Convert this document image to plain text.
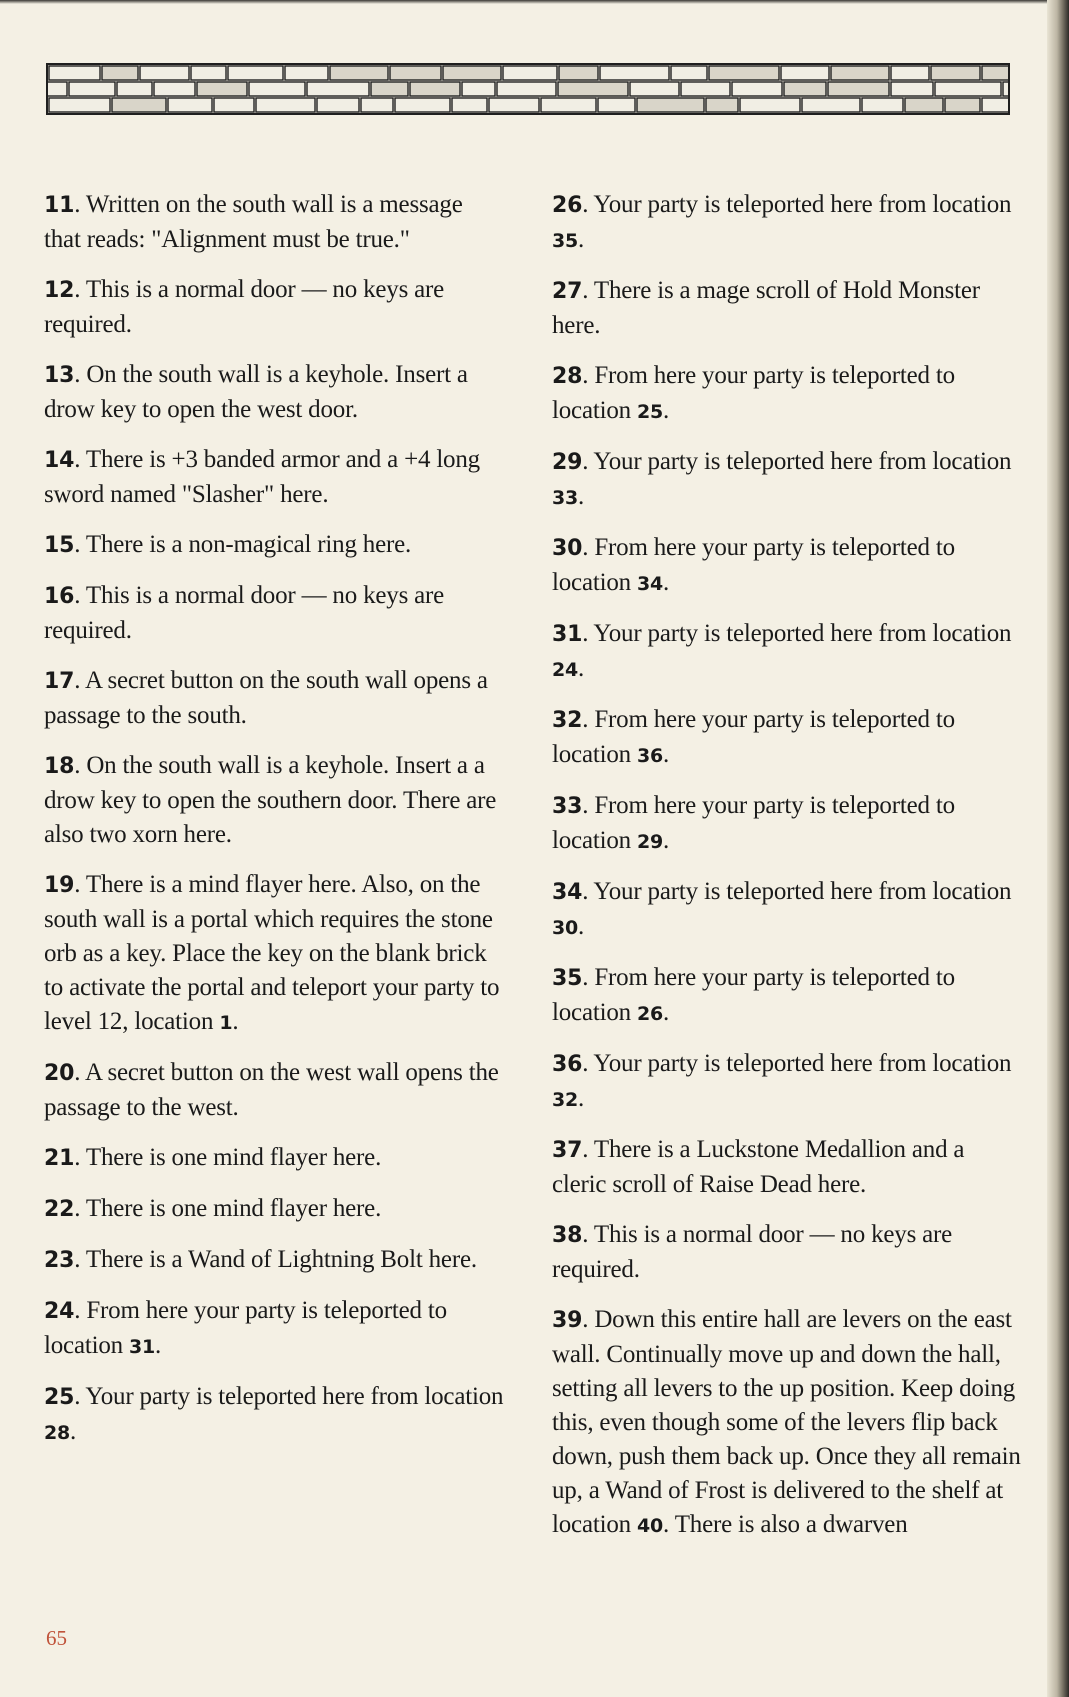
11. Written on the south wall is a message that reads: "Alignment must be true."

12. This is a normal door — no keys are required.

13. On the south wall is a keyhole. Insert a drow key to open the west door.

14. There is +3 banded armor and a +4 long sword named "Slasher" here.

15. There is a non-magical ring here.

16. This is a normal door — no keys are required.

17. A secret button on the south wall opens a passage to the south.

18. On the south wall is a keyhole. Insert a a drow key to open the southern door. There are also two xorn here.

19. There is a mind flayer here. Also, on the south wall is a portal which requires the stone orb as a key. Place the key on the blank brick to activate the portal and teleport your party to level 12, location 1.

20. A secret button on the west wall opens the passage to the west.

21. There is one mind flayer here.

22. There is one mind flayer here.

23. There is a Wand of Lightning Bolt here.

24. From here your party is teleported to location 31.

25. Your party is teleported here from location 28.

26. Your party is teleported here from location 35.

27. There is a mage scroll of Hold Monster here.

28. From here your party is teleported to location 25.

29. Your party is teleported here from location 33.

30. From here your party is teleported to location 34.

31. Your party is teleported here from location 24.

32. From here your party is teleported to location 36.

33. From here your party is teleported to location 29.

34. Your party is teleported here from location 30.

35. From here your party is teleported to location 26.

36. Your party is teleported here from location 32.

37. There is a Luckstone Medallion and a cleric scroll of Raise Dead here.

38. This is a normal door — no keys are required.

39. Down this entire hall are levers on the east wall. Continually move up and down the hall, setting all levers to the up position. Keep doing this, even though some of the levers flip back down, push them back up. Once they all remain up, a Wand of Frost is delivered to the shelf at location 40. There is also a dwarven

65
